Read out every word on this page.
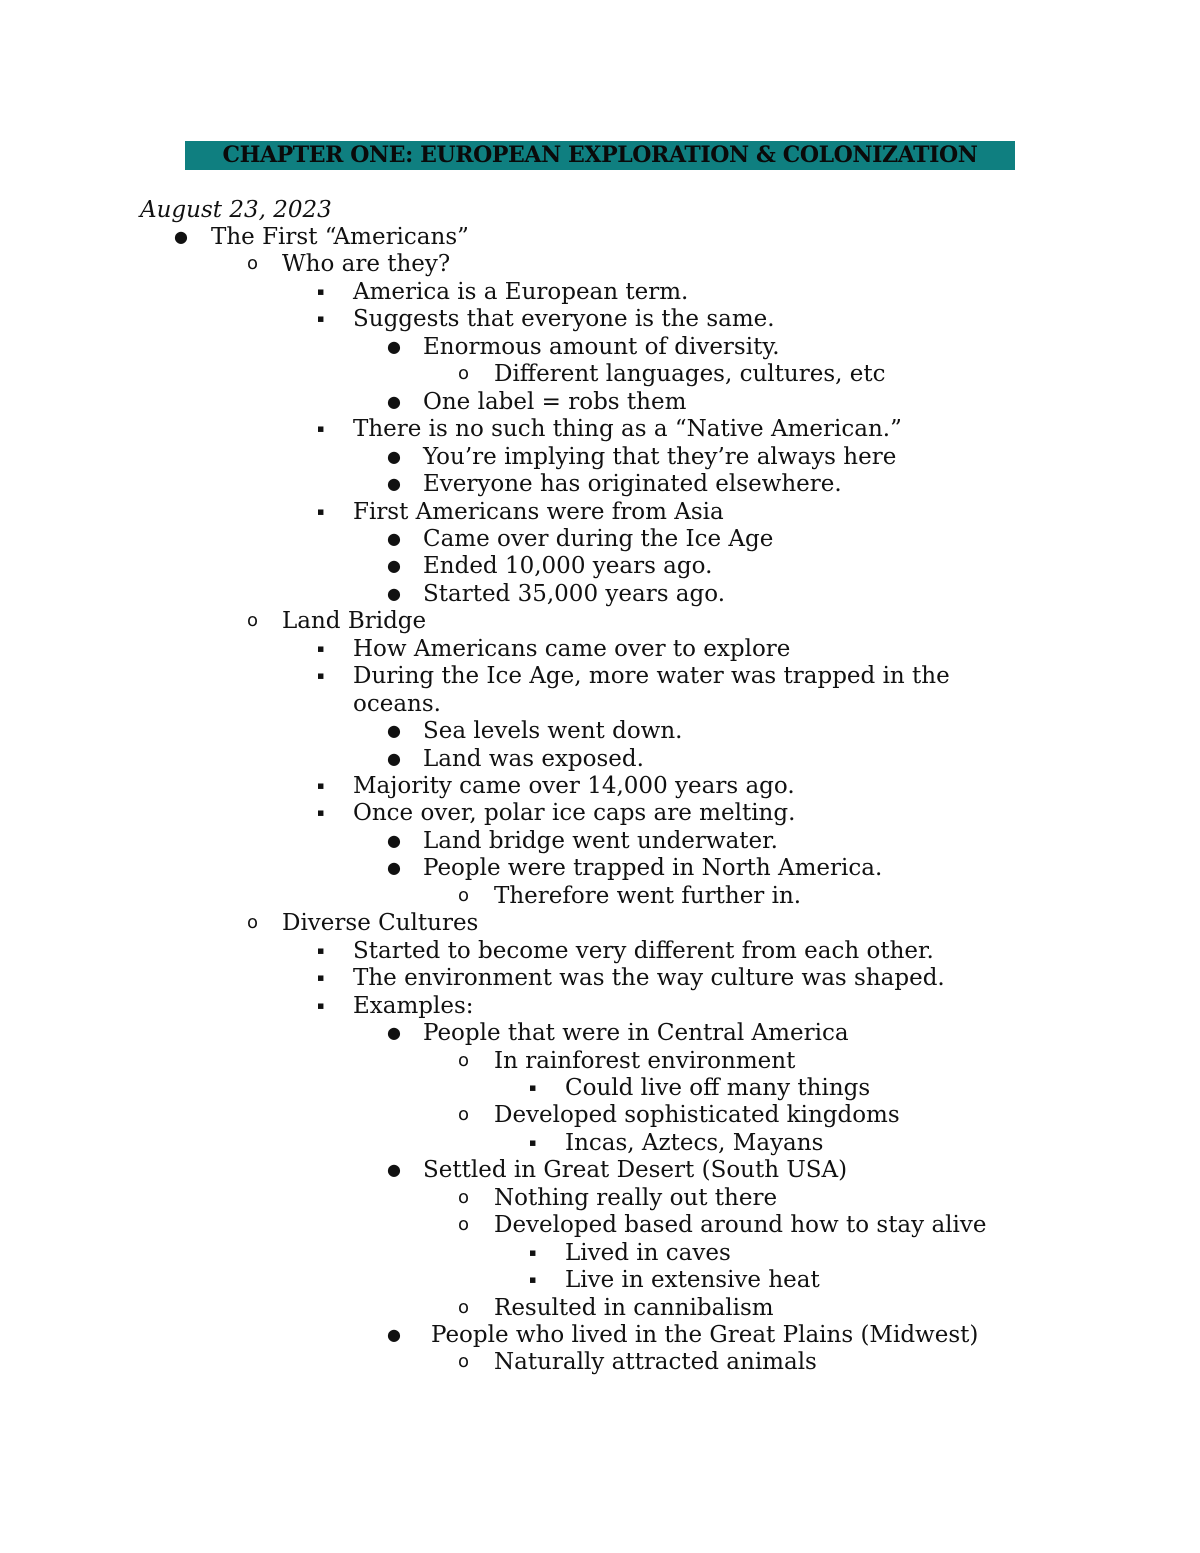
CHAPTER ONE: EUROPEAN EXPLORATION & COLONIZATION
August 23, 2023
● The First “Americans”
o Who are they?
▪ America is a European term.
▪ Suggests that everyone is the same.
● Enormous amount of diversity.
o Different languages, cultures, etc
● One label = robs them
▪ There is no such thing as a “Native American.”
● You’re implying that they’re always here
● Everyone has originated elsewhere.
▪ First Americans were from Asia
● Came over during the Ice Age
● Ended 10,000 years ago.
● Started 35,000 years ago.
o Land Bridge
▪ How Americans came over to explore
▪ During the Ice Age, more water was trapped in the
oceans.
● Sea levels went down.
● Land was exposed.
▪ Majority came over 14,000 years ago.
▪ Once over, polar ice caps are melting.
● Land bridge went underwater.
● People were trapped in North America.
o Therefore went further in.
o Diverse Cultures
▪ Started to become very different from each other.
▪ The environment was the way culture was shaped.
▪ Examples:
● People that were in Central America
o In rainforest environment
▪ Could live off many things
o Developed sophisticated kingdoms
▪ Incas, Aztecs, Mayans
● Settled in Great Desert (South USA)
o Nothing really out there
o Developed based around how to stay alive
▪ Lived in caves
▪ Live in extensive heat
o Resulted in cannibalism
● People who lived in the Great Plains (Midwest)
o Naturally attracted animals
